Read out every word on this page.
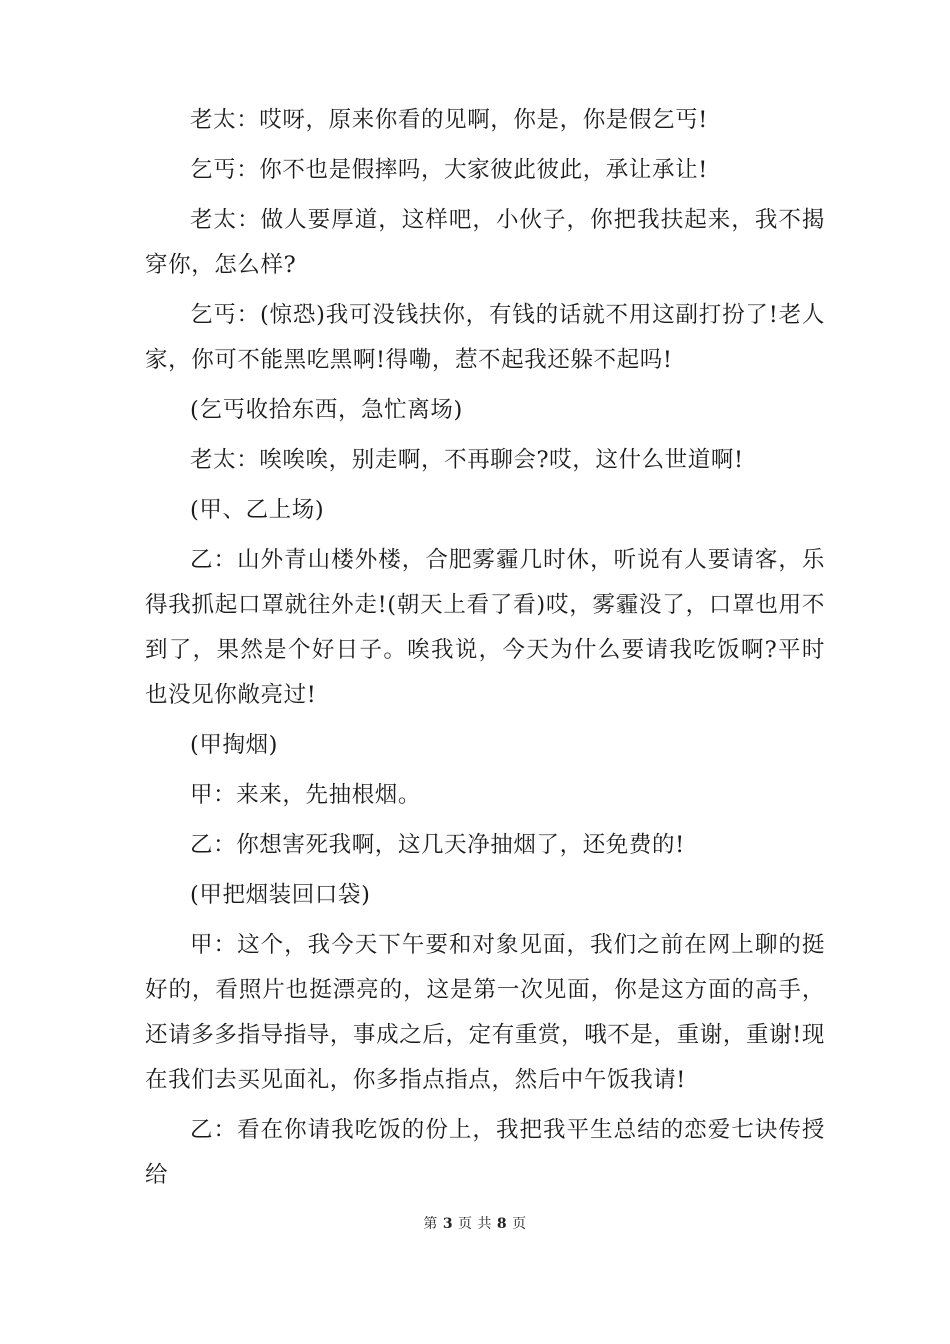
老太：哎呀，原来你看的见啊，你是，你是假乞丐!

乞丐：你不也是假摔吗，大家彼此彼此，承让承让!

老太：做人要厚道，这样吧，小伙子，你把我扶起来，我不揭穿你，怎么样?

乞丐：(惊恐)我可没钱扶你，有钱的话就不用这副打扮了!老人家，你可不能黑吃黑啊!得嘞，惹不起我还躲不起吗!

(乞丐收拾东西，急忙离场)

老太：唉唉唉，别走啊，不再聊会?哎，这什么世道啊!

(甲、乙上场)

乙：山外青山楼外楼，合肥雾霾几时休，听说有人要请客，乐得我抓起口罩就往外走!(朝天上看了看)哎，雾霾没了，口罩也用不到了，果然是个好日子。唉我说，今天为什么要请我吃饭啊?平时也没见你敞亮过!

(甲掏烟)

甲：来来，先抽根烟。

乙：你想害死我啊，这几天净抽烟了，还免费的!

(甲把烟装回口袋)

甲：这个，我今天下午要和对象见面，我们之前在网上聊的挺好的，看照片也挺漂亮的，这是第一次见面，你是这方面的高手，还请多多指导指导，事成之后，定有重赏，哦不是，重谢，重谢!现在我们去买见面礼，你多指点指点，然后中午饭我请!

乙：看在你请我吃饭的份上，我把我平生总结的恋爱七诀传授给

第 3 页 共 8 页
